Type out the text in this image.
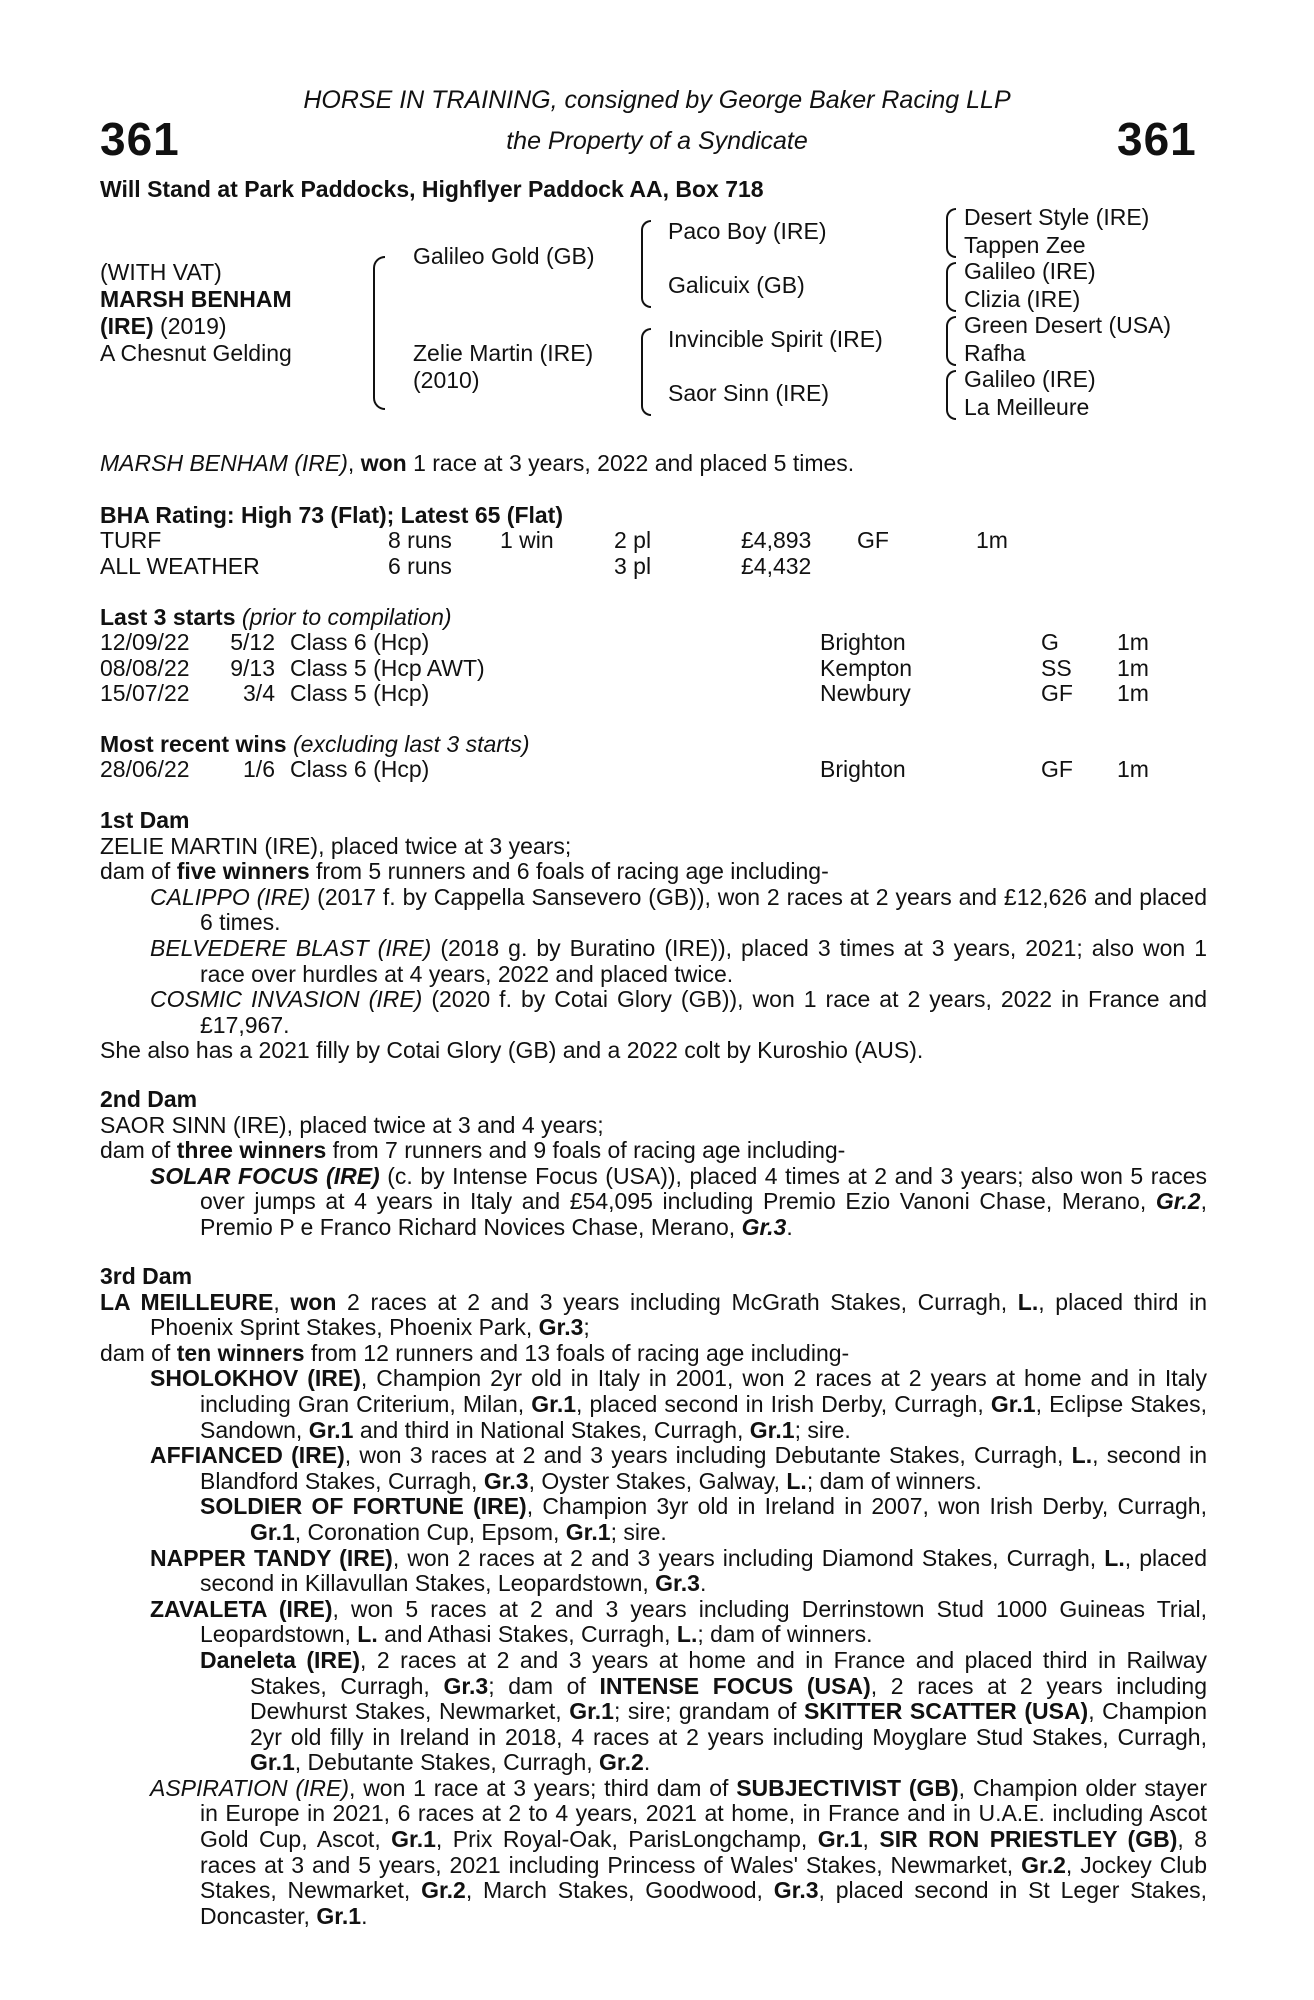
361	361
HORSE IN TRAINING, consigned by George Baker Racing LLP
the Property of a Syndicate
Will Stand at Park Paddocks, Highflyer Paddock AA, Box 718
(WITH VAT)
MARSH BENHAM
(IRE) (2019)
A Chesnut Gelding
Galileo Gold (GB)
Zelie Martin (IRE)
(2010)
Paco Boy (IRE)
Galicuix (GB)
Invincible Spirit (IRE)
Saor Sinn (IRE)
Desert Style (IRE)
Tappen Zee
Galileo (IRE)
Clizia (IRE)
Green Desert (USA)
Rafha
Galileo (IRE)
La Meilleure
MARSH BENHAM (IRE), won 1 race at 3 years, 2022 and placed 5 times.
BHA Rating: High 73 (Flat); Latest 65 (Flat)
TURF	8 runs 1 win	2 pl	£4,893 GF	1m
ALL WEATHER	6 runs	3 pl	£4,432
Last 3 starts (prior to compilation)
12/09/22	5/12 Class 6 (Hcp)	Brighton	G	1m
08/08/22	9/13 Class 5 (Hcp AWT)	Kempton	SS 1m
15/07/22	3/4 Class 5 (Hcp)	Newbury	GF 1m
Most recent wins (excluding last 3 starts)
28/06/22	1/6 Class 6 (Hcp)	Brighton	GF 1m
1st Dam
ZELIE MARTIN (IRE), placed twice at 3 years;
dam of five winners from 5 runners and 6 foals of racing age including-
CALIPPO (IRE) (2017 f. by Cappella Sansevero (GB)), won 2 races at 2 years and £12,626 and placed 6 times.
BELVEDERE BLAST (IRE) (2018 g. by Buratino (IRE)), placed 3 times at 3 years, 2021; also won 1 race over hurdles at 4 years, 2022 and placed twice.
COSMIC INVASION (IRE) (2020 f. by Cotai Glory (GB)), won 1 race at 2 years, 2022 in France and £17,967.
She also has a 2021 filly by Cotai Glory (GB) and a 2022 colt by Kuroshio (AUS).
2nd Dam
SAOR SINN (IRE), placed twice at 3 and 4 years;
dam of three winners from 7 runners and 9 foals of racing age including-
SOLAR FOCUS (IRE) (c. by Intense Focus (USA)), placed 4 times at 2 and 3 years; also won 5 races over jumps at 4 years in Italy and £54,095 including Premio Ezio Vanoni Chase, Merano, Gr.2, Premio P e Franco Richard Novices Chase, Merano, Gr.3.
3rd Dam
LA MEILLEURE, won 2 races at 2 and 3 years including McGrath Stakes, Curragh, L., placed third in Phoenix Sprint Stakes, Phoenix Park, Gr.3;
dam of ten winners from 12 runners and 13 foals of racing age including-
SHOLOKHOV (IRE), Champion 2yr old in Italy in 2001, won 2 races at 2 years at home and in Italy including Gran Criterium, Milan, Gr.1, placed second in Irish Derby, Curragh, Gr.1, Eclipse Stakes, Sandown, Gr.1 and third in National Stakes, Curragh, Gr.1; sire.
AFFIANCED (IRE), won 3 races at 2 and 3 years including Debutante Stakes, Curragh, L., second in Blandford Stakes, Curragh, Gr.3, Oyster Stakes, Galway, L.; dam of winners.
SOLDIER OF FORTUNE (IRE), Champion 3yr old in Ireland in 2007, won Irish Derby, Curragh, Gr.1, Coronation Cup, Epsom, Gr.1; sire.
NAPPER TANDY (IRE), won 2 races at 2 and 3 years including Diamond Stakes, Curragh, L., placed second in Killavullan Stakes, Leopardstown, Gr.3.
ZAVALETA (IRE), won 5 races at 2 and 3 years including Derrinstown Stud 1000 Guineas Trial, Leopardstown, L. and Athasi Stakes, Curragh, L.; dam of winners.
Daneleta (IRE), 2 races at 2 and 3 years at home and in France and placed third in Railway Stakes, Curragh, Gr.3; dam of INTENSE FOCUS (USA), 2 races at 2 years including Dewhurst Stakes, Newmarket, Gr.1; sire; grandam of SKITTER SCATTER (USA), Champion 2yr old filly in Ireland in 2018, 4 races at 2 years including Moyglare Stud Stakes, Curragh, Gr.1, Debutante Stakes, Curragh, Gr.2.
ASPIRATION (IRE), won 1 race at 3 years; third dam of SUBJECTIVIST (GB), Champion older stayer in Europe in 2021, 6 races at 2 to 4 years, 2021 at home, in France and in U.A.E. including Ascot Gold Cup, Ascot, Gr.1, Prix Royal-Oak, ParisLongchamp, Gr.1, SIR RON PRIESTLEY (GB), 8 races at 3 and 5 years, 2021 including Princess of Wales' Stakes, Newmarket, Gr.2, Jockey Club Stakes, Newmarket, Gr.2, March Stakes, Goodwood, Gr.3, placed second in St Leger Stakes, Doncaster, Gr.1.
